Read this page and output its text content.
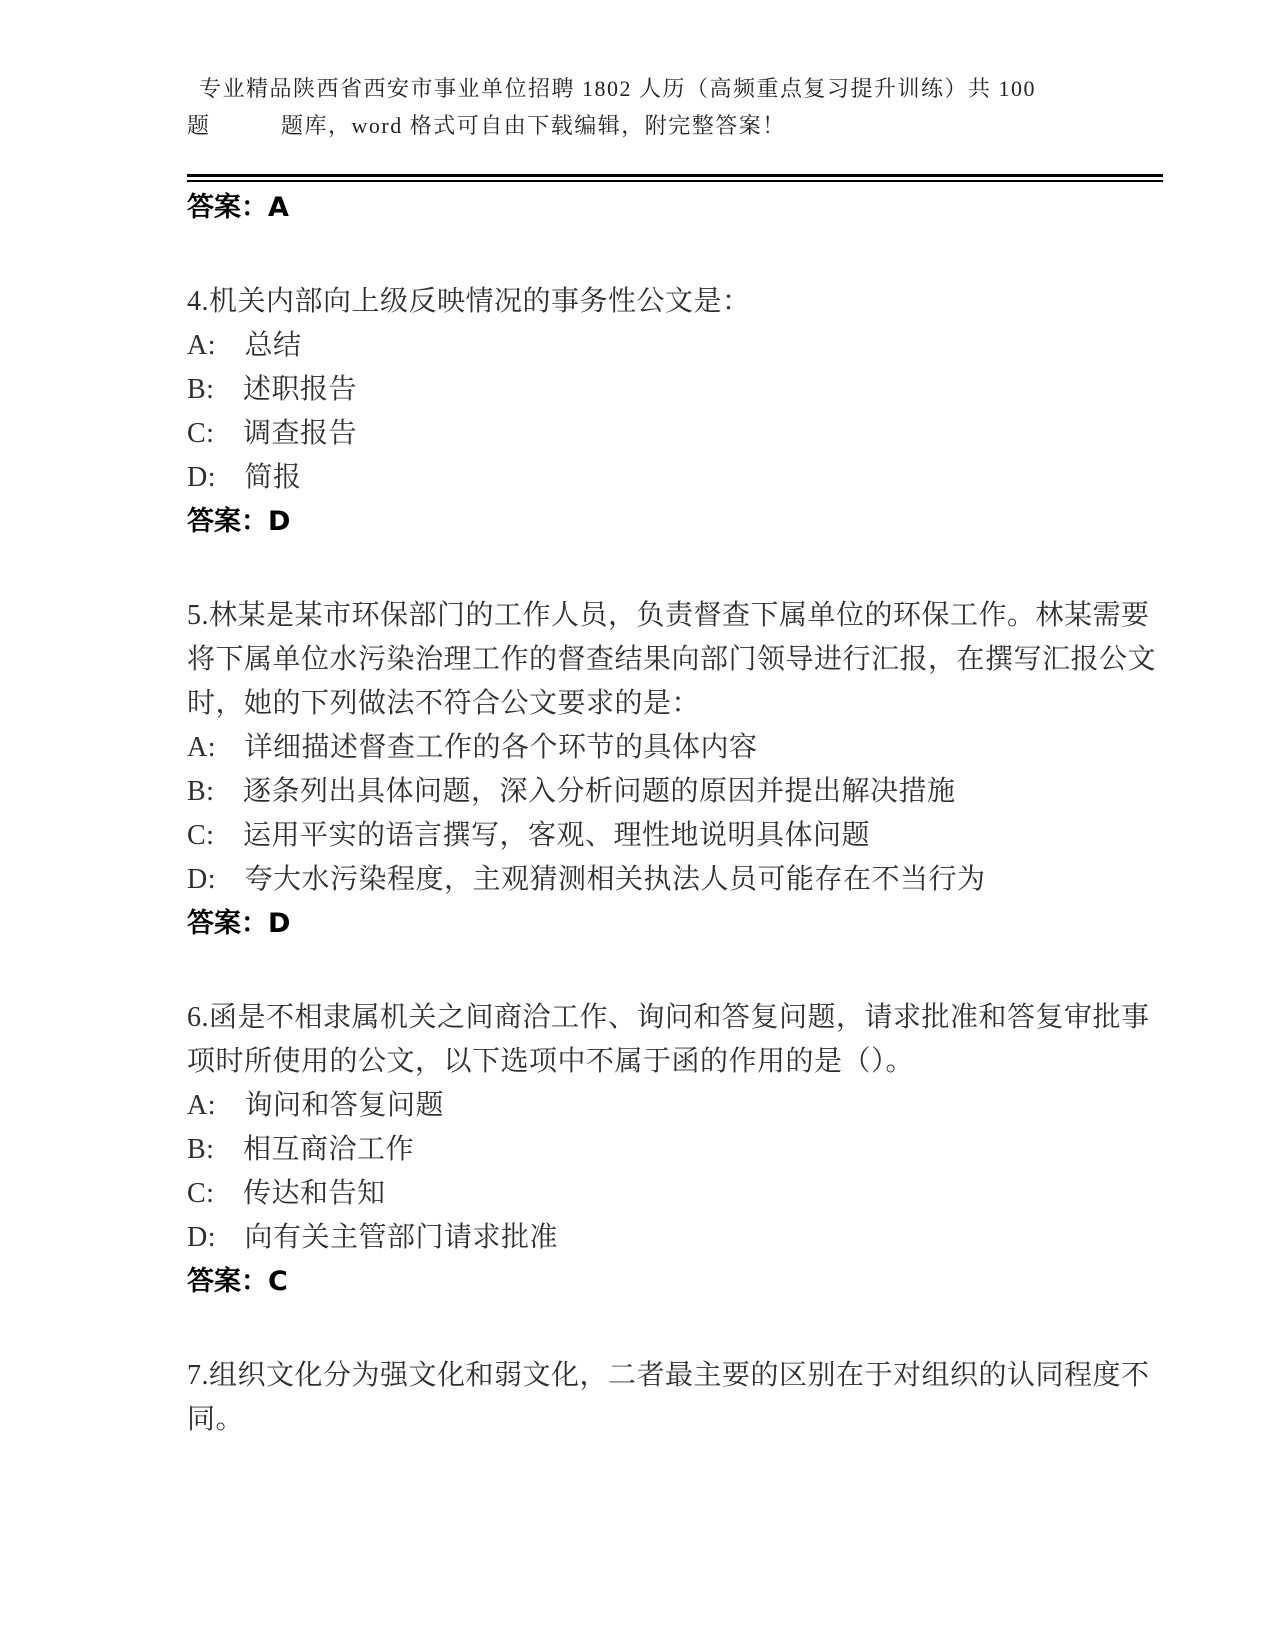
专业精品陕西省西安市事业单位招聘 1802 人历（高频重点复习提升训练）共 100
题　　　题库，word 格式可自由下载编辑，附完整答案！

答案：A

4.机关内部向上级反映情况的事务性公文是：

A:　总结

B:　述职报告

C:　调查报告

D:　简报

答案：D

5.林某是某市环保部门的工作人员，负责督查下属单位的环保工作。林某需要将下属单位水污染治理工作的督查结果向部门领导进行汇报，在撰写汇报公文时，她的下列做法不符合公文要求的是：

A:　详细描述督查工作的各个环节的具体内容

B:　逐条列出具体问题，深入分析问题的原因并提出解决措施

C:　运用平实的语言撰写，客观、理性地说明具体问题

D:　夸大水污染程度，主观猜测相关执法人员可能存在不当行为

答案：D

6.函是不相隶属机关之间商洽工作、询问和答复问题，请求批准和答复审批事项时所使用的公文，以下选项中不属于函的作用的是（）。

A:　询问和答复问题

B:　相互商洽工作

C:　传达和告知

D:　向有关主管部门请求批准

答案：C

7.组织文化分为强文化和弱文化，二者最主要的区别在于对组织的认同程度不同。
